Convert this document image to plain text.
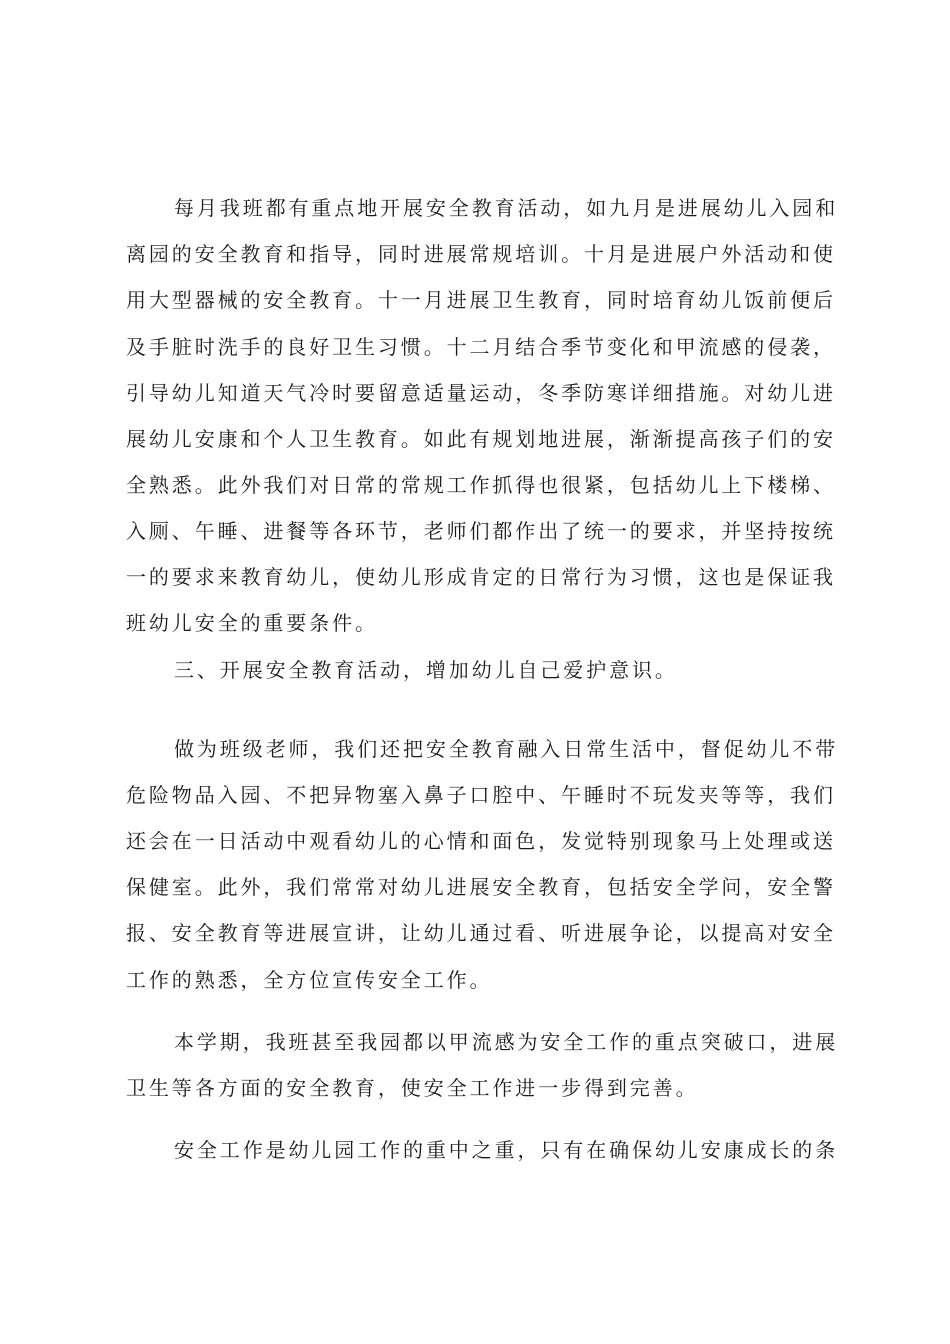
每月我班都有重点地开展安全教育活动，如九月是进展幼儿入园和
离园的安全教育和指导，同时进展常规培训。十月是进展户外活动和使
用大型器械的安全教育。十一月进展卫生教育，同时培育幼儿饭前便后
及手脏时洗手的良好卫生习惯。十二月结合季节变化和甲流感的侵袭，
引导幼儿知道天气冷时要留意适量运动，冬季防寒详细措施。对幼儿进
展幼儿安康和个人卫生教育。如此有规划地进展，渐渐提高孩子们的安
全熟悉。此外我们对日常的常规工作抓得也很紧，包括幼儿上下楼梯、
入厕、午睡、进餐等各环节，老师们都作出了统一的要求，并坚持按统
一的要求来教育幼儿，使幼儿形成肯定的日常行为习惯，这也是保证我
班幼儿安全的重要条件。
三、开展安全教育活动，增加幼儿自己爱护意识。
做为班级老师，我们还把安全教育融入日常生活中，督促幼儿不带
危险物品入园、不把异物塞入鼻子口腔中、午睡时不玩发夹等等，我们
还会在一日活动中观看幼儿的心情和面色，发觉特别现象马上处理或送
保健室。此外，我们常常对幼儿进展安全教育，包括安全学问，安全警
报、安全教育等进展宣讲，让幼儿通过看、听进展争论，以提高对安全
工作的熟悉，全方位宣传安全工作。
本学期，我班甚至我园都以甲流感为安全工作的重点突破口，进展
卫生等各方面的安全教育，使安全工作进一步得到完善。
安全工作是幼儿园工作的重中之重，只有在确保幼儿安康成长的条
